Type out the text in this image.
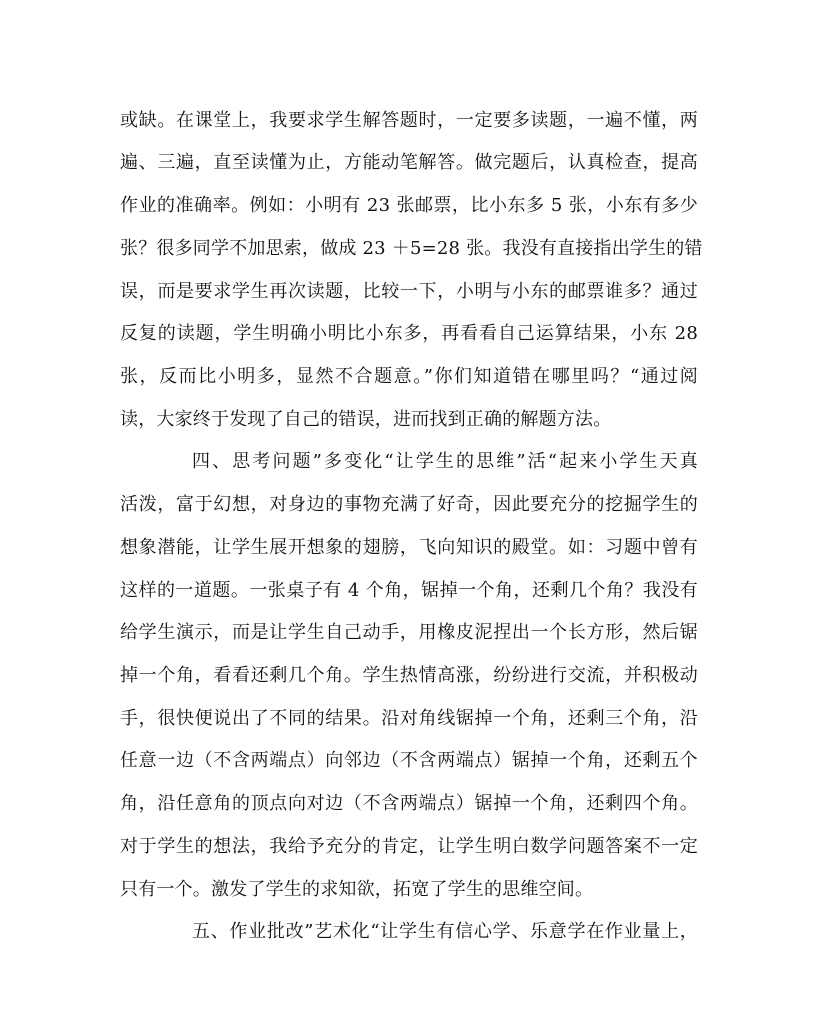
或缺。在课堂上，我要求学生解答题时，一定要多读题，一遍不懂，两
遍、三遍，直至读懂为止，方能动笔解答。做完题后，认真检查，提高
作业的准确率。例如：小明有 23 张邮票，比小东多 5 张，小东有多少
张？很多同学不加思索，做成 23 ＋5=28 张。我没有直接指出学生的错
误，而是要求学生再次读题，比较一下，小明与小东的邮票谁多？通过
反复的读题，学生明确小明比小东多，再看看自己运算结果，小东 28
张，反而比小明多，显然不合题意。”你们知道错在哪里吗？“通过阅
读，大家终于发现了自己的错误，进而找到正确的解题方法。
四、思考问题”多变化“让学生的思维”活“起来小学生天真
活泼，富于幻想，对身边的事物充满了好奇，因此要充分的挖掘学生的
想象潜能，让学生展开想象的翅膀，飞向知识的殿堂。如：习题中曾有
这样的一道题。一张桌子有 4 个角，锯掉一个角，还剩几个角？我没有
给学生演示，而是让学生自己动手，用橡皮泥捏出一个长方形，然后锯
掉一个角，看看还剩几个角。学生热情高涨，纷纷进行交流，并积极动
手，很快便说出了不同的结果。沿对角线锯掉一个角，还剩三个角，沿
任意一边（不含两端点）向邻边（不含两端点）锯掉一个角，还剩五个
角，沿任意角的顶点向对边（不含两端点）锯掉一个角，还剩四个角。
对于学生的想法，我给予充分的肯定，让学生明白数学问题答案不一定
只有一个。激发了学生的求知欲，拓宽了学生的思维空间。
五、作业批改”艺术化“让学生有信心学、乐意学在作业量上，
